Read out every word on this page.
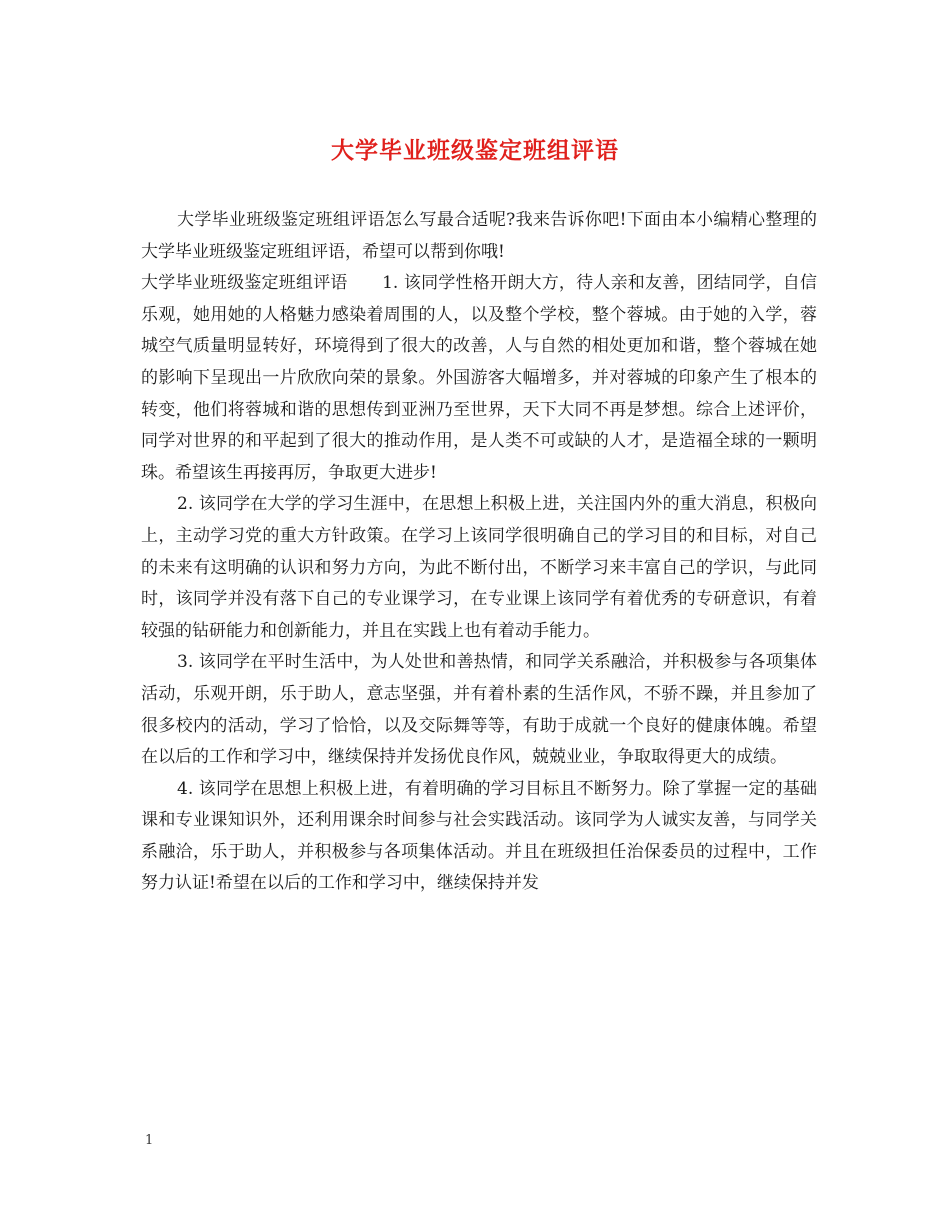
大学毕业班级鉴定班组评语

大学毕业班级鉴定班组评语怎么写最合适呢?我来告诉你吧!下面由本小编精心整理的大学毕业班级鉴定班组评语，希望可以帮到你哦!

大学毕业班级鉴定班组评语　　1. 该同学性格开朗大方，待人亲和友善，团结同学，自信乐观，她用她的人格魅力感染着周围的人，以及整个学校，整个蓉城。由于她的入学，蓉城空气质量明显转好，环境得到了很大的改善，人与自然的相处更加和谐，整个蓉城在她的影响下呈现出一片欣欣向荣的景象。外国游客大幅增多，并对蓉城的印象产生了根本的转变，他们将蓉城和谐的思想传到亚洲乃至世界，天下大同不再是梦想。综合上述评价，同学对世界的和平起到了很大的推动作用，是人类不可或缺的人才，是造福全球的一颗明珠。希望该生再接再厉，争取更大进步!

2. 该同学在大学的学习生涯中，在思想上积极上进，关注国内外的重大消息，积极向上，主动学习党的重大方针政策。在学习上该同学很明确自己的学习目的和目标，对自己的未来有这明确的认识和努力方向，为此不断付出，不断学习来丰富自己的学识，与此同时，该同学并没有落下自己的专业课学习，在专业课上该同学有着优秀的专研意识，有着较强的钻研能力和创新能力，并且在实践上也有着动手能力。

3. 该同学在平时生活中，为人处世和善热情，和同学关系融洽，并积极参与各项集体活动，乐观开朗，乐于助人，意志坚强，并有着朴素的生活作风，不骄不躁，并且参加了很多校内的活动，学习了恰恰，以及交际舞等等，有助于成就一个良好的健康体魄。希望在以后的工作和学习中，继续保持并发扬优良作风，兢兢业业，争取取得更大的成绩。

4. 该同学在思想上积极上进，有着明确的学习目标且不断努力。除了掌握一定的基础课和专业课知识外，还利用课余时间参与社会实践活动。该同学为人诚实友善，与同学关系融洽，乐于助人，并积极参与各项集体活动。并且在班级担任治保委员的过程中，工作努力认证!希望在以后的工作和学习中，继续保持并发

1
